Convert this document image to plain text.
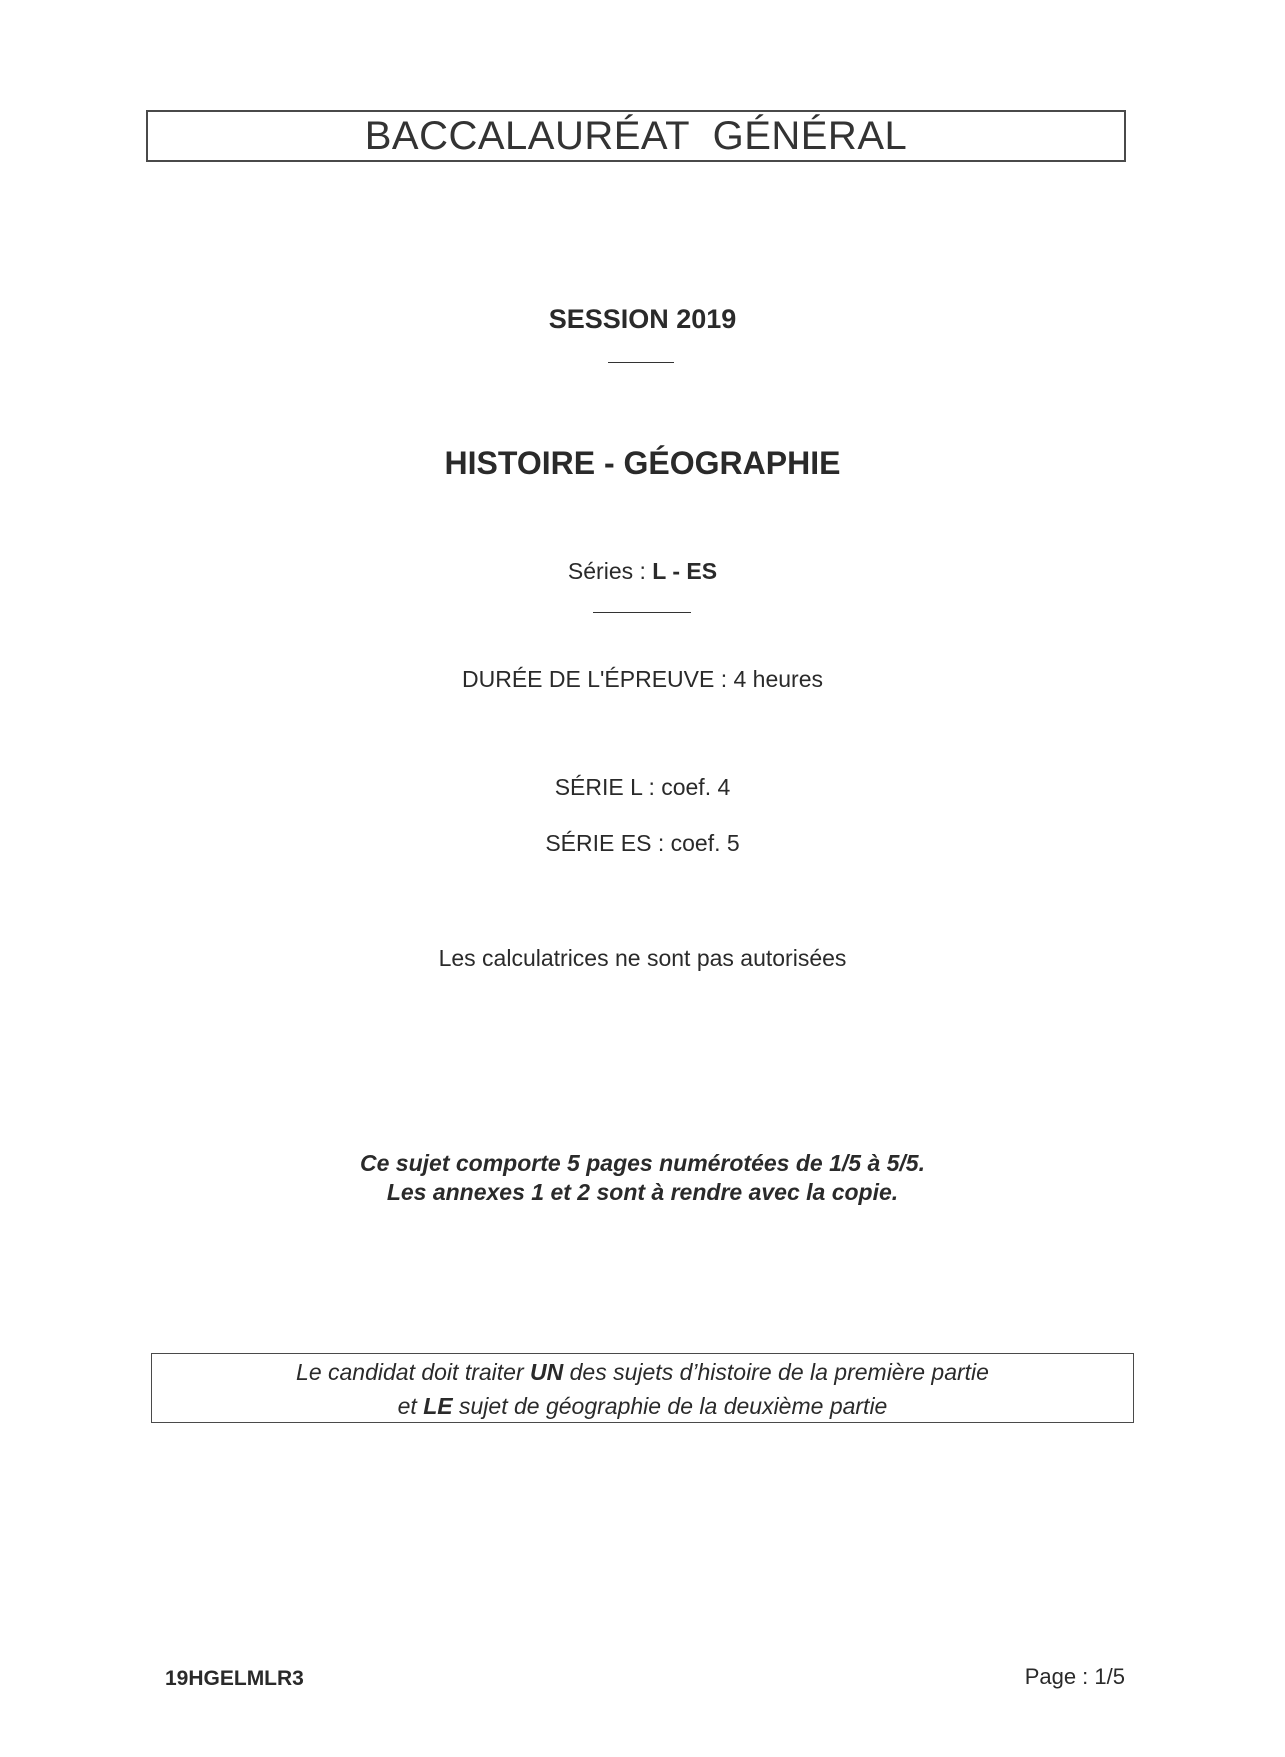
BACCALAURÉAT  GÉNÉRAL
SESSION 2019
HISTOIRE - GÉOGRAPHIE
Séries : L - ES
DURÉE DE L'ÉPREUVE : 4 heures
SÉRIE L : coef. 4
SÉRIE ES : coef. 5
Les calculatrices ne sont pas autorisées
Ce sujet comporte 5 pages numérotées de 1/5 à 5/5.
Les annexes 1 et 2 sont à rendre avec la copie.
Le candidat doit traiter UN des sujets d’histoire de la première partie
et LE sujet de géographie de la deuxième partie
19HGELMLR3	Page : 1/5
